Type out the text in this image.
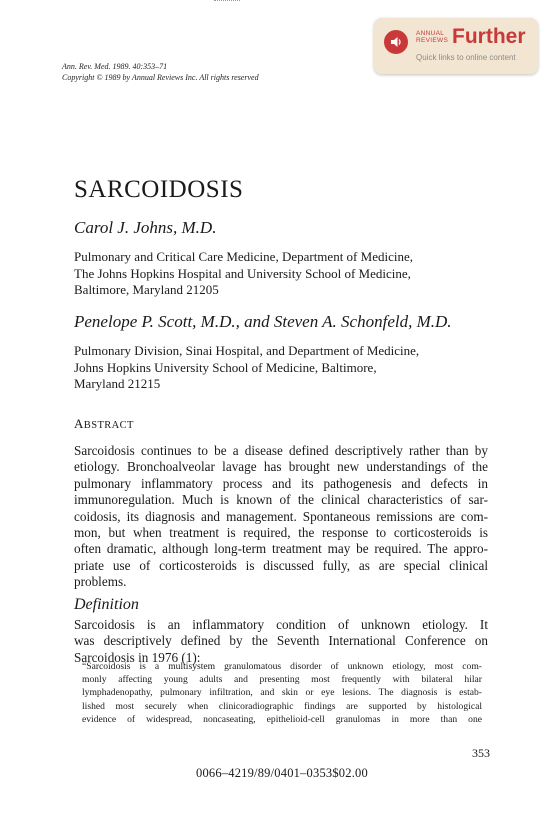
Ann. Rev. Med. 1989. 40:353–71
Copyright © 1989 by Annual Reviews Inc. All rights reserved
ANNUAL
REVIEWS Further
Quick links to online content
SARCOIDOSIS
Carol J. Johns, M.D.
Pulmonary and Critical Care Medicine, Department of Medicine,
The Johns Hopkins Hospital and University School of Medicine,
Baltimore, Maryland 21205
Penelope P. Scott, M.D., and Steven A. Schonfeld, M.D.
Pulmonary Division, Sinai Hospital, and Department of Medicine,
Johns Hopkins University School of Medicine, Baltimore,
Maryland 21215
ABSTRACT
Sarcoidosis continues to be a disease defined descriptively rather than by
etiology. Bronchoalveolar lavage has brought new understandings of the
pulmonary inflammatory process and its pathogenesis and defects in
immunoregulation. Much is known of the clinical characteristics of sar-
coidosis, its diagnosis and management. Spontaneous remissions are com-
mon, but when treatment is required, the response to corticosteroids is
often dramatic, although long-term treatment may be required. The appro-
priate use of corticosteroids is discussed fully, as are special clinical
problems.
Definition
Sarcoidosis is an inflammatory condition of unknown etiology. It
was descriptively defined by the Seventh International Conference on
Sarcoidosis in 1976 (1):
“Sarcoidosis is a multisystem granulomatous disorder of unknown etiology, most com-
monly affecting young adults and presenting most frequently with bilateral hilar
lymphadenopathy, pulmonary infiltration, and skin or eye lesions. The diagnosis is estab-
lished most securely when clinicoradiographic findings are supported by histological
evidence of widespread, noncaseating, epithelioid-cell granulomas in more than one
353
0066–4219/89/0401–0353$02.00
